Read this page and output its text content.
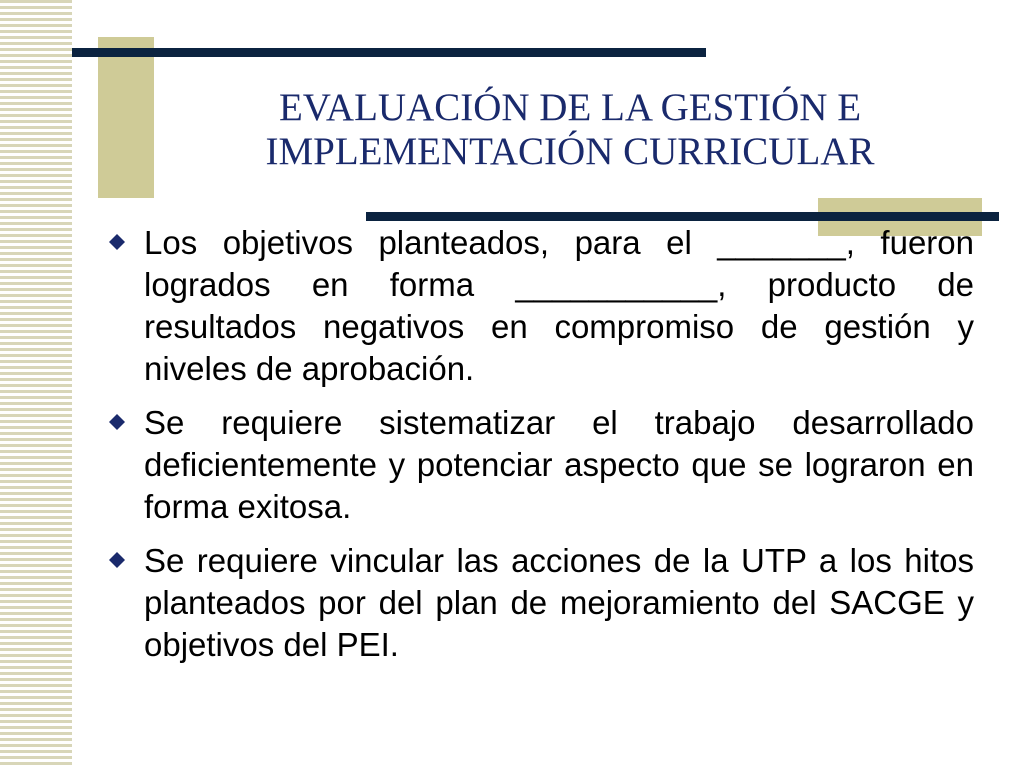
EVALUACIÓN DE LA GESTIÓN E
IMPLEMENTACIÓN CURRICULAR
Los objetivos planteados, para el _______, fueron logrados en forma ___________, producto de resultados negativos en compromiso de gestión y niveles de aprobación.
Se requiere sistematizar el trabajo desarrollado deficientemente y potenciar aspecto que se lograron en forma exitosa.
Se requiere vincular las acciones de la UTP a los hitos planteados por del plan de mejoramiento del SACGE y objetivos del PEI.
